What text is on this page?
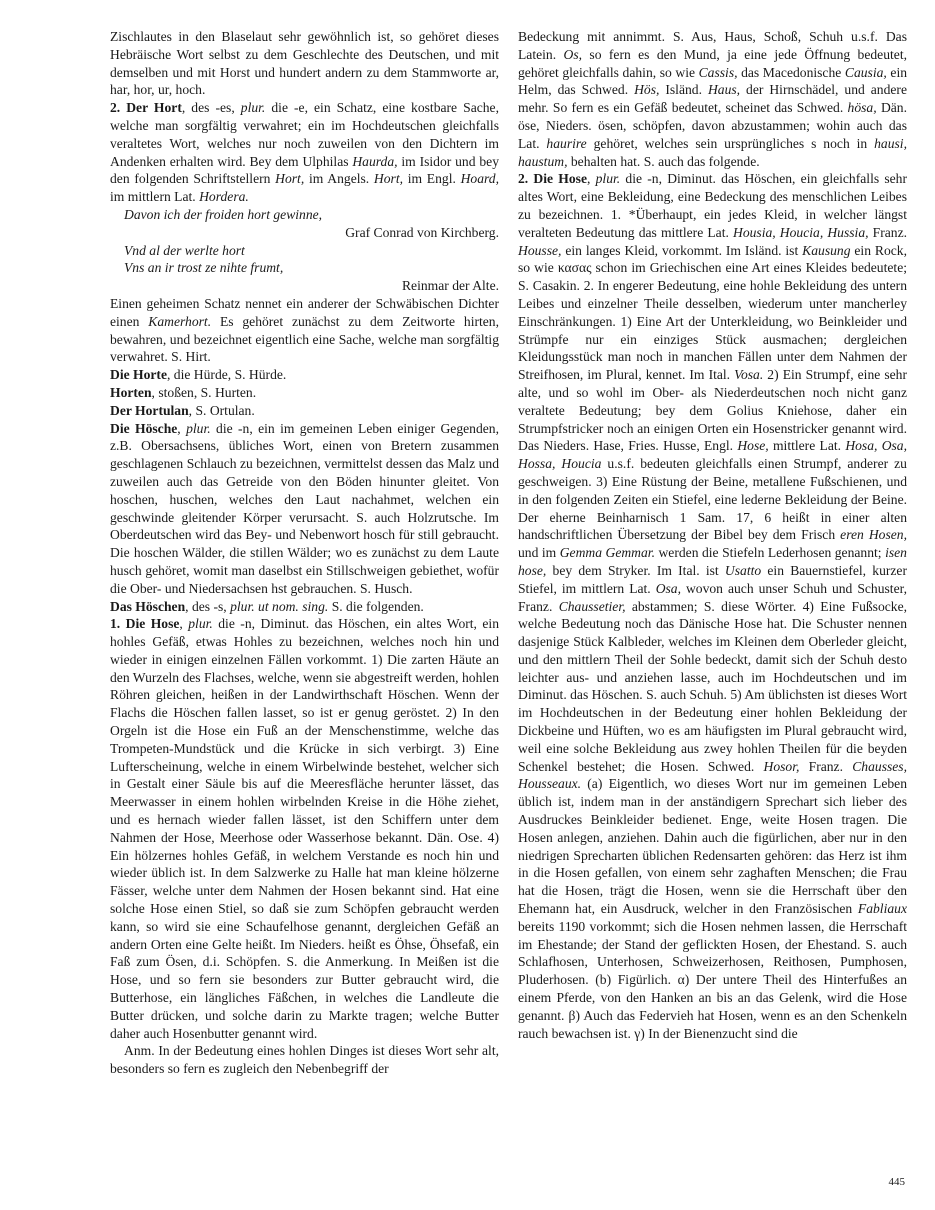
Zischlautes in den Blaselaut sehr gewöhnlich ist, so gehöret dieses Hebräische Wort selbst zu dem Geschlechte des Deutschen, und mit demselben und mit Horst und hundert andern zu dem Stammworte ar, har, hor, ur, hoch.
2. Der Hort, des -es, plur. die -e, ein Schatz, eine kostbare Sache, welche man sorgfältig verwahret; ein im Hochdeutschen gleichfalls veraltetes Wort, welches nur noch zuweilen von den Dichtern im Andenken erhalten wird. Bey dem Ulphilas Haurda, im Isidor und bey den folgenden Schriftstellern Hort, im Angels. Hort, im Engl. Hoard, im mittlern Lat. Hordera.
Davon ich der froiden hort gewinne,
Graf Conrad von Kirchberg.
Vnd al der werlte hort
Vns an ir trost ze nihte frumt,
Reinmar der Alte.
Einen geheimen Schatz nennet ein anderer der Schwäbischen Dichter einen Kamerhort. Es gehöret zunächst zu dem Zeitworte hirten, bewahren, und bezeichnet eigentlich eine Sache, welche man sorgfältig verwahret. S. Hirt.
Die Horte, die Hürde, S. Hürde.
Horten, stoßen, S. Hurten.
Der Hortulan, S. Ortulan.
Die Hösche, plur. die -n, ein im gemeinen Leben einiger Gegenden, z.B. Obersachsens, übliches Wort, einen von Bretern zusammen geschlagenen Schlauch zu bezeichnen, vermittelst dessen das Malz und zuweilen auch das Getreide von den Böden hinunter gleitet. Von hoschen, huschen, welches den Laut nachahmet, welchen ein geschwinde gleitender Körper verursacht. S. auch Holzrutsche. Im Oberdeutschen wird das Bey- und Nebenwort hosch für still gebraucht. Die hoschen Wälder, die stillen Wälder; wo es zunächst zu dem Laute husch gehöret, womit man daselbst ein Stillschweigen gebiethet, wofür die Ober- und Niedersachsen hst gebrauchen. S. Husch.
Das Höschen, des -s, plur. ut nom. sing. S. die folgenden.
1. Die Hose, plur. die -n, Diminut. das Höschen, ein altes Wort, ein hohles Gefäß, etwas Hohles zu bezeichnen, welches noch hin und wieder in einigen einzelnen Fällen vorkommt. 1) Die zarten Häute an den Wurzeln des Flachses, welche, wenn sie abgestreift werden, hohlen Röhren gleichen, heißen in der Landwirthschaft Höschen. Wenn der Flachs die Höschen fallen lasset, so ist er genug geröstet. 2) In den Orgeln ist die Hose ein Fuß an der Menschenstimme, welche das Trompeten-Mundstück und die Krücke in sich verbirgt. 3) Eine Lufterscheinung, welche in einem Wirbelwinde bestehet, welcher sich in Gestalt einer Säule bis auf die Meeresfläche herunter lässet, das Meerwasser in einem hohlen wirbelnden Kreise in die Höhe ziehet, und es hernach wieder fallen lässet, ist den Schiffern unter dem Nahmen der Hose, Meerhose oder Wasserhose bekannt. Dän. Ose. 4) Ein hölzernes hohles Gefäß, in welchem Verstande es noch hin und wieder üblich ist. In dem Salzwerke zu Halle hat man kleine hölzerne Fässer, welche unter dem Nahmen der Hosen bekannt sind. Hat eine solche Hose einen Stiel, so daß sie zum Schöpfen gebraucht werden kann, so wird sie eine Schaufelhose genannt, dergleichen Gefäß an andern Orten eine Gelte heißt. Im Nieders. heißt es Öhse, Öhsefaß, ein Faß zum Ösen, d.i. Schöpfen. S. die Anmerkung. In Meißen ist die Hose, und so fern sie besonders zur Butter gebraucht wird, die Butterhose, ein längliches Fäßchen, in welches die Landleute die Butter drücken, und solche darin zu Markte tragen; welche Butter daher auch Hosenbutter genannt wird.
Anm. In der Bedeutung eines hohlen Dinges ist dieses Wort sehr alt, besonders so fern es zugleich den Nebenbegriff der
Bedeckung mit annimmt. S. Aus, Haus, Schoß, Schuh u.s.f. Das Latein. Os, so fern es den Mund, ja eine jede Öffnung bedeutet, gehöret gleichfalls dahin, so wie Cassis, das Macedonische Causia, ein Helm, das Schwed. Hös, Isländ. Haus, der Hirnschädel, und andere mehr. So fern es ein Gefäß bedeutet, scheinet das Schwed. hösa, Dän. öse, Nieders. ösen, schöpfen, davon abzustammen; wohin auch das Lat. haurire gehöret, welches sein ursprüngliches s noch in hausi, haustum, behalten hat. S. auch das folgende.
2. Die Hose, plur. die -n, Diminut. das Höschen, ein gleichfalls sehr altes Wort, eine Bekleidung, eine Bedeckung des menschlichen Leibes zu bezeichnen. 1. *Überhaupt, ein jedes Kleid, in welcher längst veralteten Bedeutung das mittlere Lat. Housia, Houcia, Hussia, Franz. Housse, ein langes Kleid, vorkommt. Im Isländ. ist Kausung ein Rock, so wie κασας schon im Griechischen eine Art eines Kleides bedeutete; S. Casakin. 2. In engerer Bedeutung, eine hohle Bekleidung des untern Leibes und einzelner Theile desselben, wiederum unter mancherley Einschränkungen. 1) Eine Art der Unterkleidung, wo Beinkleider und Strümpfe nur ein einziges Stück ausmachen; dergleichen Kleidungsstück man noch in manchen Fällen unter dem Nahmen der Streifhosen, im Plural, kennet. Im Ital. Vosa. 2) Ein Strumpf, eine sehr alte, und so wohl im Ober- als Niederdeutschen noch nicht ganz veraltete Bedeutung; bey dem Golius Kniehose, daher ein Strumpfstricker noch an einigen Orten ein Hosenstricker genannt wird. Das Nieders. Hase, Fries. Husse, Engl. Hose, mittlere Lat. Hosa, Osa, Hossa, Houcia u.s.f. bedeuten gleichfalls einen Strumpf, anderer zu geschweigen. 3) Eine Rüstung der Beine, metallene Fußschienen, und in den folgenden Zeiten ein Stiefel, eine lederne Bekleidung der Beine. Der eherne Beinharnisch 1 Sam. 17, 6 heißt in einer alten handschriftlichen Übersetzung der Bibel bey dem Frisch eren Hosen, und im Gemma Gemmar. werden die Stiefeln Lederhosen genannt; isen hose, bey dem Stryker. Im Ital. ist Usatto ein Bauernstiefel, kurzer Stiefel, im mittlern Lat. Osa, wovon auch unser Schuh und Schuster, Franz. Chaussetier, abstammen; S. diese Wörter. 4) Eine Fußsocke, welche Bedeutung noch das Dänische Hose hat. Die Schuster nennen dasjenige Stück Kalbleder, welches im Kleinen dem Oberleder gleicht, und den mittlern Theil der Sohle bedeckt, damit sich der Schuh desto leichter aus- und anziehen lasse, auch im Hochdeutschen und im Diminut. das Höschen. S. auch Schuh. 5) Am üblichsten ist dieses Wort im Hochdeutschen in der Bedeutung einer hohlen Bekleidung der Dickbeine und Hüften, wo es am häufigsten im Plural gebraucht wird, weil eine solche Bekleidung aus zwey hohlen Theilen für die beyden Schenkel bestehet; die Hosen. Schwed. Hosor, Franz. Chausses, Housseaux. (a) Eigentlich, wo dieses Wort nur im gemeinen Leben üblich ist, indem man in der anständigern Sprechart sich lieber des Ausdruckes Beinkleider bedienet. Enge, weite Hosen tragen. Die Hosen anlegen, anziehen. Dahin auch die figürlichen, aber nur in den niedrigen Sprecharten üblichen Redensarten gehören: das Herz ist ihm in die Hosen gefallen, von einem sehr zaghaften Menschen; die Frau hat die Hosen, trägt die Hosen, wenn sie die Herrschaft über den Ehemann hat, ein Ausdruck, welcher in den Französischen Fabliaux bereits 1190 vorkommt; sich die Hosen nehmen lassen, die Herrschaft im Ehestande; der Stand der geflickten Hosen, der Ehestand. S. auch Schlafhosen, Unterhosen, Schweizerhosen, Reithosen, Pumphosen, Pluderhosen. (b) Figürlich. α) Der untere Theil des Hinterfußes an einem Pferde, von den Hanken an bis an das Gelenk, wird die Hose genannt. β) Auch das Federvieh hat Hosen, wenn es an den Schenkeln rauch bewachsen ist. γ) In der Bienenzucht sind die
445
